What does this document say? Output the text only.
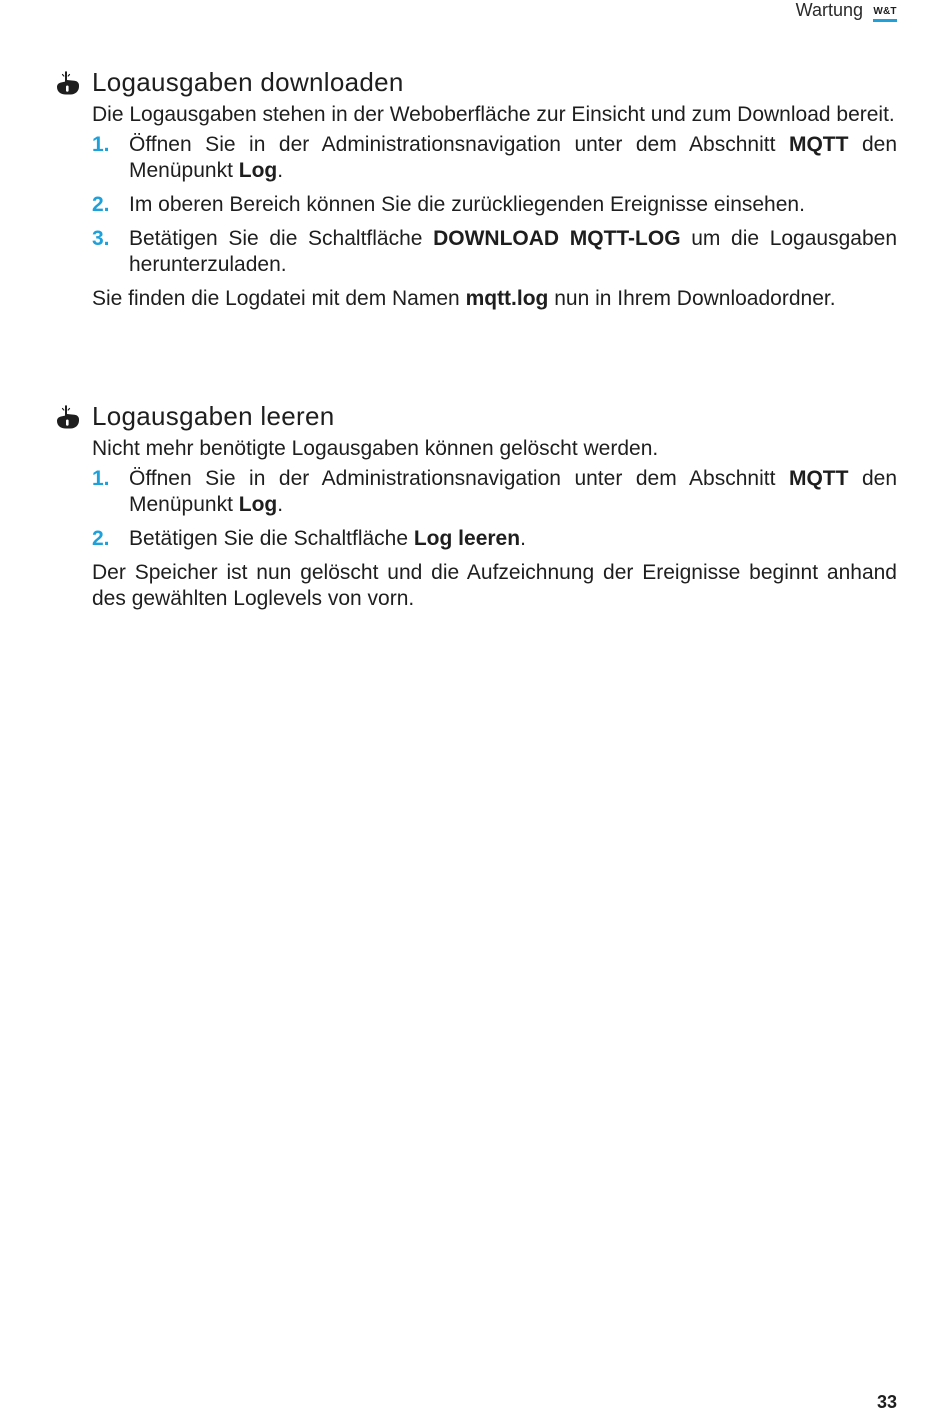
Wartung W&T
Logausgaben downloaden

Die Logausgaben stehen in der Weboberfläche zur Einsicht und zum Download bereit.

1. Öffnen Sie in der Administrationsnavigation unter dem Abschnitt MQTT den Menüpunkt Log.
2. Im oberen Bereich können Sie die zurückliegenden Ereignisse einsehen.
3. Betätigen Sie die Schaltfläche DOWNLOAD MQTT-LOG um die Logausgaben herunterzuladen.

Sie finden die Logdatei mit dem Namen mqtt.log nun in Ihrem Downloadordner.

Logausgaben leeren

Nicht mehr benötigte Logausgaben können gelöscht werden.

1. Öffnen Sie in der Administrationsnavigation unter dem Abschnitt MQTT den Menüpunkt Log.
2. Betätigen Sie die Schaltfläche Log leeren.

Der Speicher ist nun gelöscht und die Aufzeichnung der Ereignisse beginnt anhand des gewählten Loglevels von vorn.

33
